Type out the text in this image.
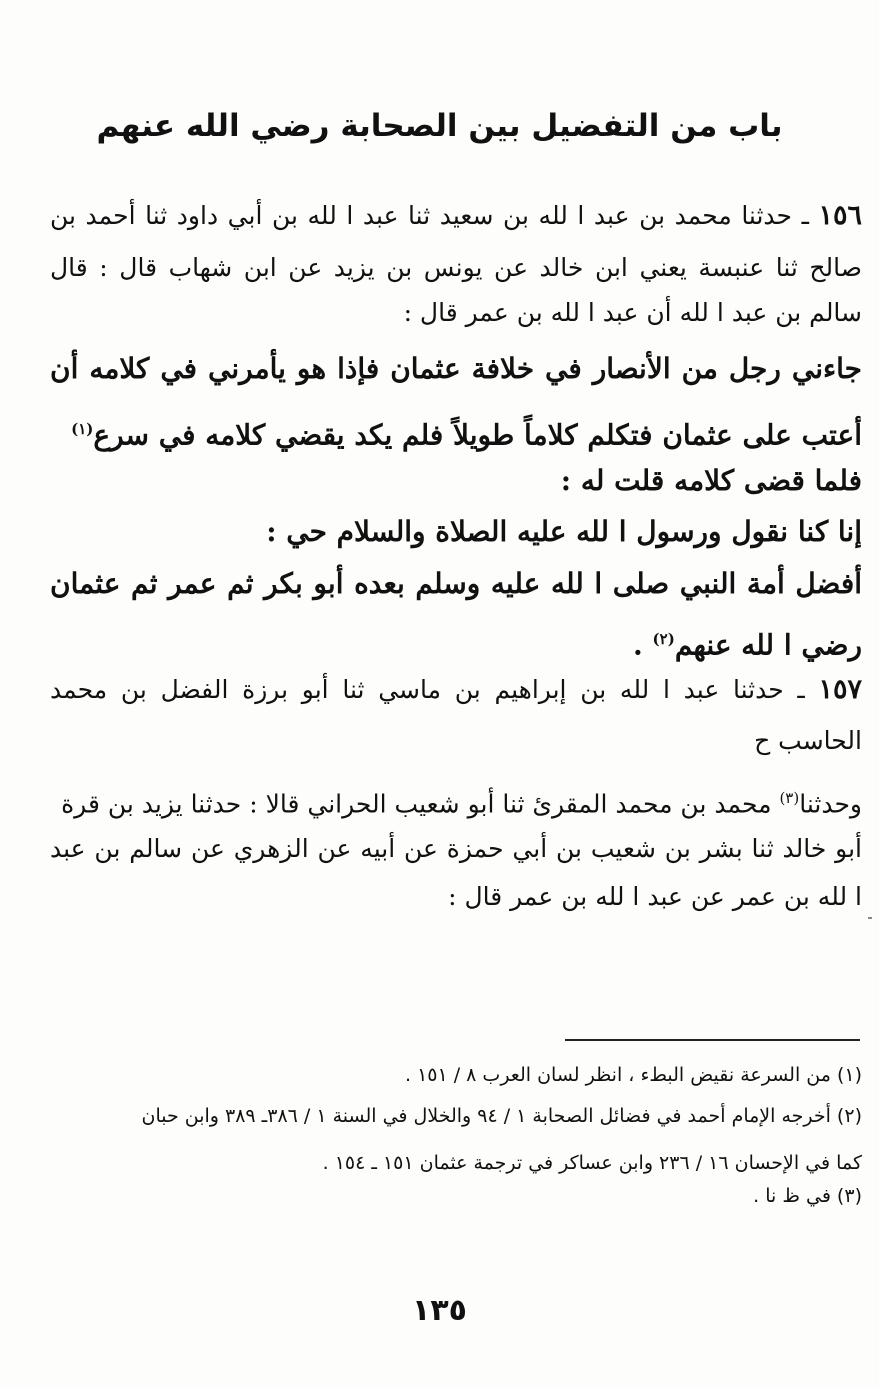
باب من التفضيل بين الصحابة رضي الله عنهم
١٥٦ ـ حدثنا محمد بن عبد ا لله بن سعيد ثنا عبد ا لله بن أبي داود ثنا أحمد بن
صالح ثنا عنبسة يعني ابن خالد عن يونس بن يزيد عن ابن شهاب قال : قال
سالم بن عبد ا لله أن عبد ا لله بن عمر قال :
جاءني رجل من الأنصار في خلافة عثمان فإذا هو يأمرني في كلامه أن
أعتب على عثمان فتكلم كلاماً طويلاً فلم يكد يقضي كلامه في سرع$^{(١)}$
فلما قضى كلامه قلت له :
إنا كنا نقول ورسول ا لله عليه الصلاة والسلام حي :
أفضل أمة النبي صلى ا لله عليه وسلم بعده أبو بكر ثم عمر ثم عثمان
رضي ا لله عنهم$^{(٢)}$ .
١٥٧ ـ حدثنا عبد ا لله بن إبراهيم بن ماسي ثنا أبو برزة الفضل بن محمد
الحاسب ح
وحدثنا$^{(٣)}$ محمد بن محمد المقرئ ثنا أبو شعيب الحراني قالا : حدثنا يزيد بن قرة
أبو خالد ثنا بشر بن شعيب بن أبي حمزة عن أبيه عن الزهري عن سالم بن عبد
ا لله بن عمر عن عبد ا لله بن عمر قال :
(١) من السرعة نقيض البطء ، انظر لسان العرب ٨ / ١٥١ .
(٢) أخرجه الإمام أحمد في فضائل الصحابة ١ / ٩٤ والخلال في السنة ١ / ٣٨٦ـ ٣٨٩ وابن حبان
كما في الإحسان ١٦ / ٢٣٦ وابن عساكر في ترجمة عثمان ١٥١ ـ ١٥٤ .
(٣) في ظ نا .
١٣٥
